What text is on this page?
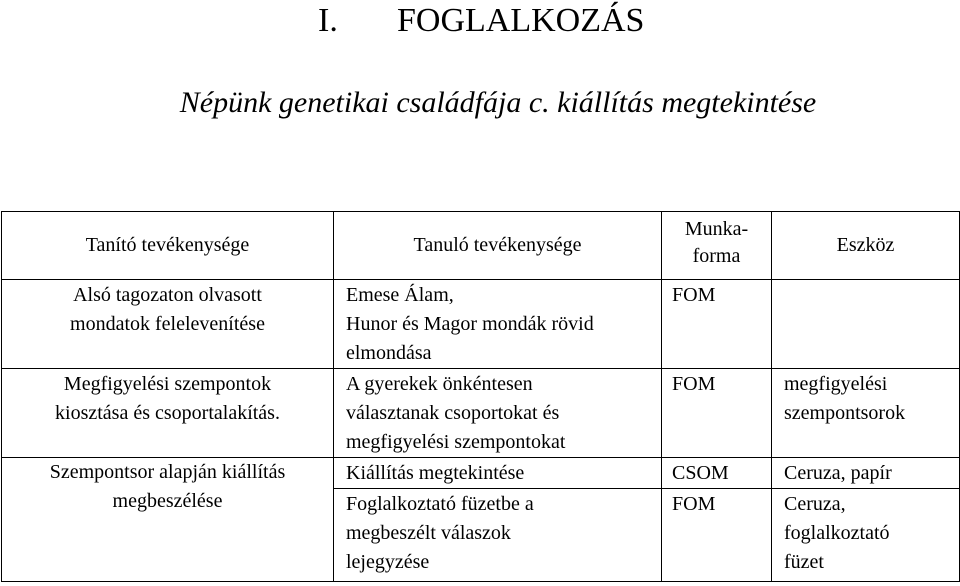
I. FOGLALKOZÁS
Népünk genetikai családfája c. kiállítás megtekintése
Tanító tevékenysége	Tanuló tevékenysége	Munka-
forma	Eszköz

Alsó tagozaton olvasott
mondatok felelevenítése	Emese Álam,
Hunor és Magor mondák rövid
elmondása	FOM	

Megfigyelési szempontok
kiosztása és csoportalakítás.	A gyerekek önkéntesen
választanak csoportokat és
megfigyelési szempontokat	FOM	megfigyelési
szempontsorok

Szempontsor alapján kiállítás
megbeszélése	Kiállítás megtekintése	CSOM	Ceruza, papír

	Foglalkoztató füzetbe a
megbeszélt válaszok
lejegyzése	FOM	Ceruza,
foglalkoztató
füzet
